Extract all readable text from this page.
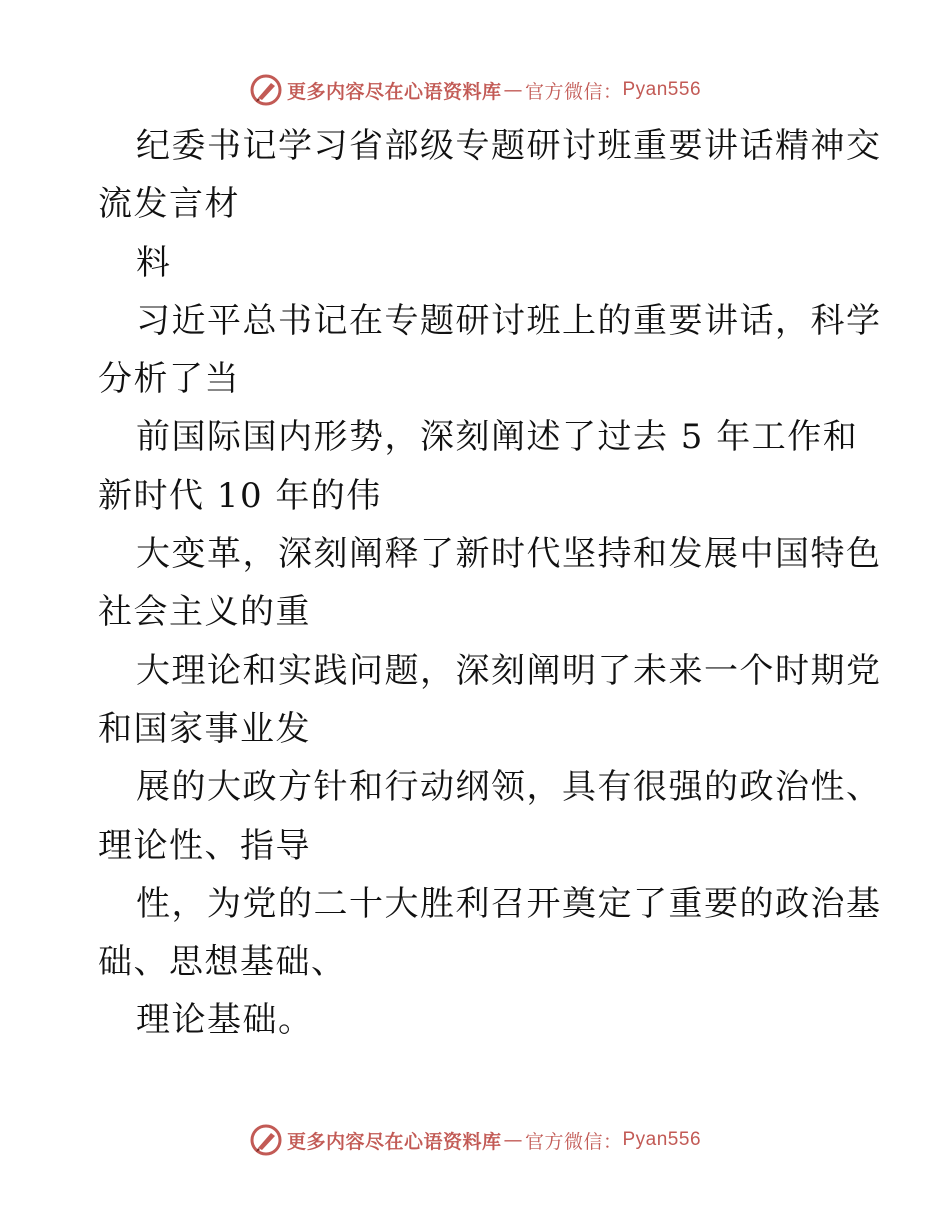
更多内容尽在心语资料库 — 官方微信： Pyan556
纪委书记学习省部级专题研讨班重要讲话精神交
流发言材
料
习近平总书记在专题研讨班上的重要讲话，科学
分析了当
前国际国内形势，深刻阐述了过去 5 年工作和
新时代 10 年的伟
大变革，深刻阐释了新时代坚持和发展中国特色
社会主义的重
大理论和实践问题，深刻阐明了未来一个时期党
和国家事业发
展的大政方针和行动纲领，具有很强的政治性、
理论性、指导
性，为党的二十大胜利召开奠定了重要的政治基
础、思想基础、
理论基础。
更多内容尽在心语资料库 — 官方微信： Pyan556
